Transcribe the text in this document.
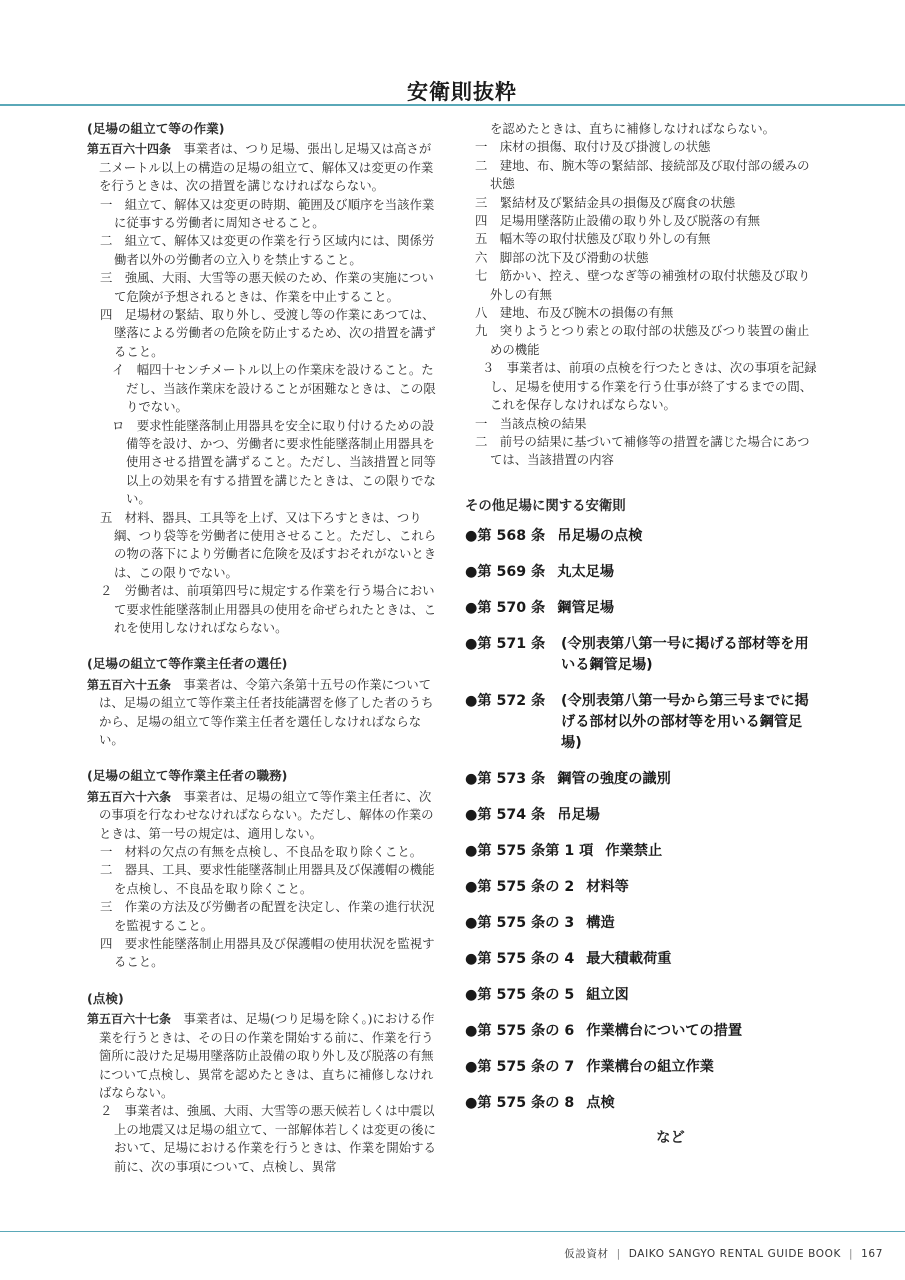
安衛則抜粋
(足場の組立て等の作業)
第五百六十四条　 事業者は、つり足場、張出し足場又は高さが二メートル以上の構造の足場の組立て、解体又は変更の作業を行うときは、次の措置を講じなければならない。
一　組立て、解体又は変更の時期、範囲及び順序を当該作業に従事する労働者に周知させること。
二　組立て、解体又は変更の作業を行う区域内には、関係労働者以外の労働者の立入りを禁止すること。
三　強風、大雨、大雪等の悪天候のため、作業の実施について危険が予想されるときは、作業を中止すること。
四　足場材の緊結、取り外し、受渡し等の作業にあつては、墜落による労働者の危険を防止するため、次の措置を講ずること。
イ　幅四十センチメートル以上の作業床を設けること。ただし、当該作業床を設けることが困難なときは、この限りでない。
ロ　要求性能墜落制止用器具を安全に取り付けるための設備等を設け、かつ、労働者に要求性能墜落制止用器具を使用させる措置を講ずること。ただし、当該措置と同等以上の効果を有する措置を講じたときは、この限りでない。
五　材料、器具、工具等を上げ、又は下ろすときは、つり綱、つり袋等を労働者に使用させること。ただし、これらの物の落下により労働者に危険を及ぼすおそれがないときは、この限りでない。
２　労働者は、前項第四号に規定する作業を行う場合において要求性能墜落制止用器具の使用を命ぜられたときは、これを使用しなければならない。
(足場の組立て等作業主任者の選任)
第五百六十五条　 事業者は、令第六条第十五号の作業については、足場の組立て等作業主任者技能講習を修了した者のうちから、足場の組立て等作業主任者を選任しなければならない。
(足場の組立て等作業主任者の職務)
第五百六十六条　 事業者は、足場の組立て等作業主任者に、次の事項を行なわせなければならない。ただし、解体の作業のときは、第一号の規定は、適用しない。
一　材料の欠点の有無を点検し、不良品を取り除くこと。
二　器具、工具、要求性能墜落制止用器具及び保護帽の機能を点検し、不良品を取り除くこと。
三　作業の方法及び労働者の配置を決定し、作業の進行状況を監視すること。
四　要求性能墜落制止用器具及び保護帽の使用状況を監視すること。
(点検)
第五百六十七条　 事業者は、足場(つり足場を除く。)における作業を行うときは、その日の作業を開始する前に、作業を行う箇所に設けた足場用墜落防止設備の取り外し及び脱落の有無について点検し、異常を認めたときは、直ちに補修しなければならない。
２　事業者は、強風、大雨、大雪等の悪天候若しくは中震以上の地震又は足場の組立て、一部解体若しくは変更の後において、足場における作業を行うときは、作業を開始する前に、次の事項について、点検し、異常
を認めたときは、直ちに補修しなければならない。
一　床材の損傷、取付け及び掛渡しの状態
二　建地、布、腕木等の緊結部、接続部及び取付部の緩みの状態
三　緊結材及び緊結金具の損傷及び腐食の状態
四　足場用墜落防止設備の取り外し及び脱落の有無
五　幅木等の取付状態及び取り外しの有無
六　脚部の沈下及び滑動の状態
七　筋かい、控え、壁つなぎ等の補強材の取付状態及び取り外しの有無
八　建地、布及び腕木の損傷の有無
九　突りようとつり索との取付部の状態及びつり装置の歯止めの機能
３　事業者は、前項の点検を行つたときは、次の事項を記録し、足場を使用する作業を行う仕事が終了するまでの間、これを保存しなければならない。
一　当該点検の結果
二　前号の結果に基づいて補修等の措置を講じた場合にあつては、当該措置の内容
その他足場に関する安衛則
●第 568 条 吊足場の点検
●第 569 条 丸太足場
●第 570 条 鋼管足場
●第 571 条	(令別表第八第一号に掲げる部材等を用いる鋼管足場)
●第 572 条	(令別表第八第一号から第三号までに掲げる部材以外の部材等を用いる鋼管足場)
●第 573 条 鋼管の強度の識別
●第 574 条 吊足場
●第 575 条第 1 項 作業禁止
●第 575 条の 2 材料等
●第 575 条の 3 構造
●第 575 条の 4 最大積載荷重
●第 575 条の 5 組立図
●第 575 条の 6 作業構台についての措置
●第 575 条の 7 作業構台の組立作業
●第 575 条の 8 点検
など
仮設資材 | DAIKO SANGYO RENTAL GUIDE BOOK | 167
